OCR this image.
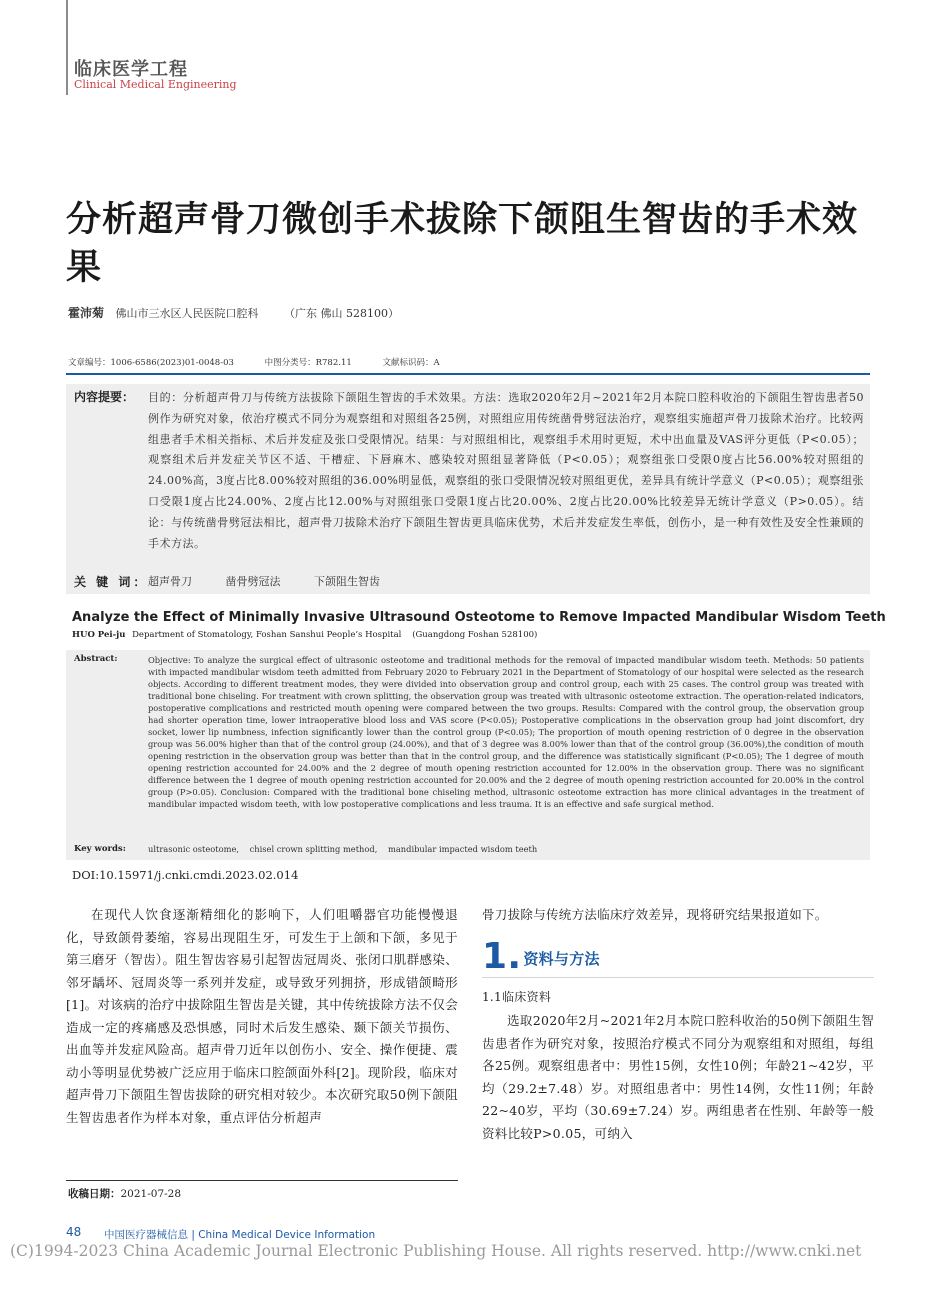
临床医学工程
Clinical Medical Engineering
分析超声骨刀微创手术拔除下颌阻生智齿的手术效果
霍沛菊 佛山市三水区人民医院口腔科 （广东 佛山 528100）
文章编号：1006-6586(2023)01-0048-03	中图分类号：R782.11	文献标识码：A
内容提要： 目的：分析超声骨刀与传统方法拔除下颌阻生智齿的手术效果。方法：选取2020年2月~2021年2月本院口腔科收治的下颌阻生智齿患者50例作为研究对象，依治疗模式不同分为观察组和对照组各25例，对照组应用传统凿骨劈冠法治疗，观察组实施超声骨刀拔除术治疗。比较两组患者手术相关指标、术后并发症及张口受限情况。结果：与对照组相比，观察组手术用时更短，术中出血量及VAS评分更低（P<0.05）；观察组术后并发症关节区不适、干槽症、下唇麻木、感染较对照组显著降低（P<0.05）；观察组张口受限0度占比56.00%较对照组的24.00%高，3度占比8.00%较对照组的36.00%明显低，观察组的张口受限情况较对照组更优，差异具有统计学意义（P<0.05）；观察组张口受限1度占比24.00%、2度占比12.00%与对照组张口受限1度占比20.00%、2度占比20.00%比较差异无统计学意义（P>0.05）。结论：与传统凿骨劈冠法相比，超声骨刀拔除术治疗下颌阻生智齿更具临床优势，术后并发症发生率低，创伤小，是一种有效性及安全性兼顾的手术方法。
关 键 词： 超声骨刀	凿骨劈冠法	下颌阻生智齿
Analyze the Effect of Minimally Invasive Ultrasound Osteotome to Remove Impacted Mandibular Wisdom Teeth
HUO Pei-ju Department of Stomatology, Foshan Sanshui People’s Hospital (Guangdong Foshan 528100)
Abstract:	Objective: To analyze the surgical effect of ultrasonic osteotome and traditional methods for the removal of impacted mandibular wisdom teeth. Methods: 50 patients with impacted mandibular wisdom teeth admitted from February 2020 to February 2021 in the Department of Stomatology of our hospital were selected as the research objects. According to different treatment modes, they were divided into observation group and control group, each with 25 cases. The control group was treated with traditional bone chiseling. For treatment with crown splitting, the observation group was treated with ultrasonic osteotome extraction. The operation-related indicators, postoperative complications and restricted mouth opening were compared between the two groups. Results: Compared with the control group, the observation group had shorter operation time, lower intraoperative blood loss and VAS score (P<0.05); Postoperative complications in the observation group had joint discomfort, dry socket, lower lip numbness, infection significantly lower than the control group (P<0.05); The proportion of mouth opening restriction of 0 degree in the observation group was 56.00% higher than that of the control group (24.00%), and that of 3 degree was 8.00% lower than that of the control group (36.00%),the condition of mouth opening restriction in the observation group was better than that in the control group, and the difference was statistically significant (P<0.05); The 1 degree of mouth opening restriction accounted for 24.00% and the 2 degree of mouth opening restriction accounted for 12.00% in the observation group. There was no significant difference between the 1 degree of mouth opening restriction accounted for 20.00% and the 2 degree of mouth opening restriction accounted for 20.00% in the control group (P>0.05). Conclusion: Compared with the traditional bone chiseling method, ultrasonic osteotome extraction has more clinical advantages in the treatment of mandibular impacted wisdom teeth, with low postoperative complications and less trauma. It is an effective and safe surgical method.
Key words:	ultrasonic osteotome, chisel crown splitting method, mandibular impacted wisdom teeth
DOI:10.15971/j.cnki.cmdi.2023.02.014

在现代人饮食逐渐精细化的影响下，人们咀嚼器官功能慢慢退化，导致颌骨萎缩，容易出现阻生牙，可发生于上颌和下颌，多见于第三磨牙（智齿）。阻生智齿容易引起智齿冠周炎、张闭口肌群感染、邻牙龋坏、冠周炎等一系列并发症，或导致牙列拥挤，形成错颌畸形[1]。对该病的治疗中拔除阻生智齿是关键，其中传统拔除方法不仅会造成一定的疼痛感及恐惧感，同时术后发生感染、颞下颌关节损伤、出血等并发症风险高。超声骨刀近年以创伤小、安全、操作便捷、震动小等明显优势被广泛应用于临床口腔颌面外科[2]。现阶段，临床对超声骨刀下颌阻生智齿拔除的研究相对较少。本次研究取50例下颌阻生智齿患者作为样本对象，重点评估分析超声

骨刀拔除与传统方法临床疗效差异，现将研究结果报道如下。

1. 资料与方法
1.1临床资料

选取2020年2月~2021年2月本院口腔科收治的50例下颌阻生智齿患者作为研究对象，按照治疗模式不同分为观察组和对照组，每组各25例。观察组患者中：男性15例，女性10例；年龄21~42岁，平均（29.2±7.48）岁。对照组患者中：男性14例，女性11例；年龄22~40岁，平均（30.69±7.24）岁。两组患者在性别、年龄等一般资料比较P>0.05，可纳入

收稿日期：2021-07-28
48 中国医疗器械信息 | China Medical Device Information
(C)1994-2023 China Academic Journal Electronic Publishing House. All rights reserved. http://www.cnki.net
